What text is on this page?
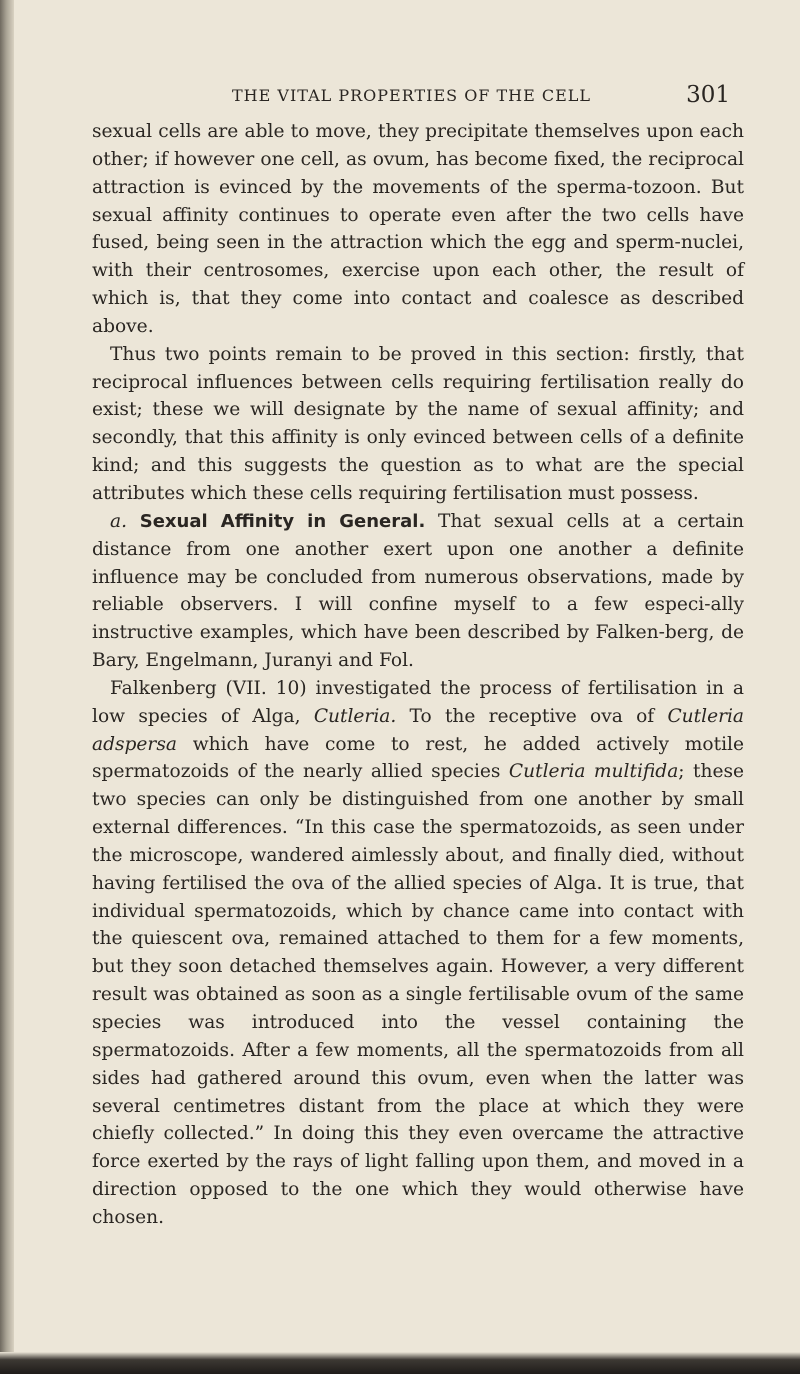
THE VITAL PROPERTIES OF THE CELL	301

sexual cells are able to move, they precipitate themselves upon each other; if however one cell, as ovum, has become fixed, the reciprocal attraction is evinced by the movements of the sperma-tozoon. But sexual affinity continues to operate even after the two cells have fused, being seen in the attraction which the egg and sperm-nuclei, with their centrosomes, exercise upon each other, the result of which is, that they come into contact and coalesce as described above.

Thus two points remain to be proved in this section: firstly, that reciprocal influences between cells requiring fertilisation really do exist; these we will designate by the name of sexual affinity; and secondly, that this affinity is only evinced between cells of a definite kind; and this suggests the question as to what are the special attributes which these cells requiring fertilisation must possess.

a. Sexual Affinity in General. That sexual cells at a certain distance from one another exert upon one another a definite influence may be concluded from numerous observations, made by reliable observers. I will confine myself to a few especi-ally instructive examples, which have been described by Falken-berg, de Bary, Engelmann, Juranyi and Fol.

Falkenberg (VII. 10) investigated the process of fertilisation in a low species of Alga, Cutleria. To the receptive ova of Cutleria adspersa which have come to rest, he added actively motile spermatozoids of the nearly allied species Cutleria multifida; these two species can only be distinguished from one another by small external differences. “In this case the spermatozoids, as seen under the microscope, wandered aimlessly about, and finally died, without having fertilised the ova of the allied species of Alga. It is true, that individual spermatozoids, which by chance came into contact with the quiescent ova, remained attached to them for a few moments, but they soon detached themselves again. However, a very different result was obtained as soon as a single fertilisable ovum of the same species was introduced into the vessel containing the spermatozoids. After a few moments, all the spermatozoids from all sides had gathered around this ovum, even when the latter was several centimetres distant from the place at which they were chiefly collected.” In doing this they even overcame the attractive force exerted by the rays of light falling upon them, and moved in a direction opposed to the one which they would otherwise have chosen.
